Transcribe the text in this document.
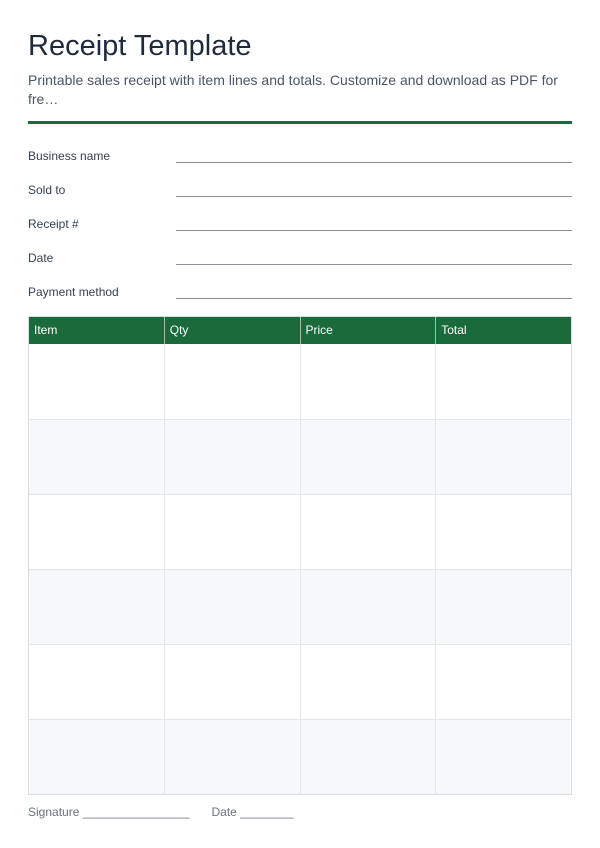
Receipt Template

Printable sales receipt with item lines and totals. Customize and download as PDF for fre…

Business name
Sold to
Receipt #
Date
Payment method
Item	Qty	Price	Total
Signature ________________ Date ________
